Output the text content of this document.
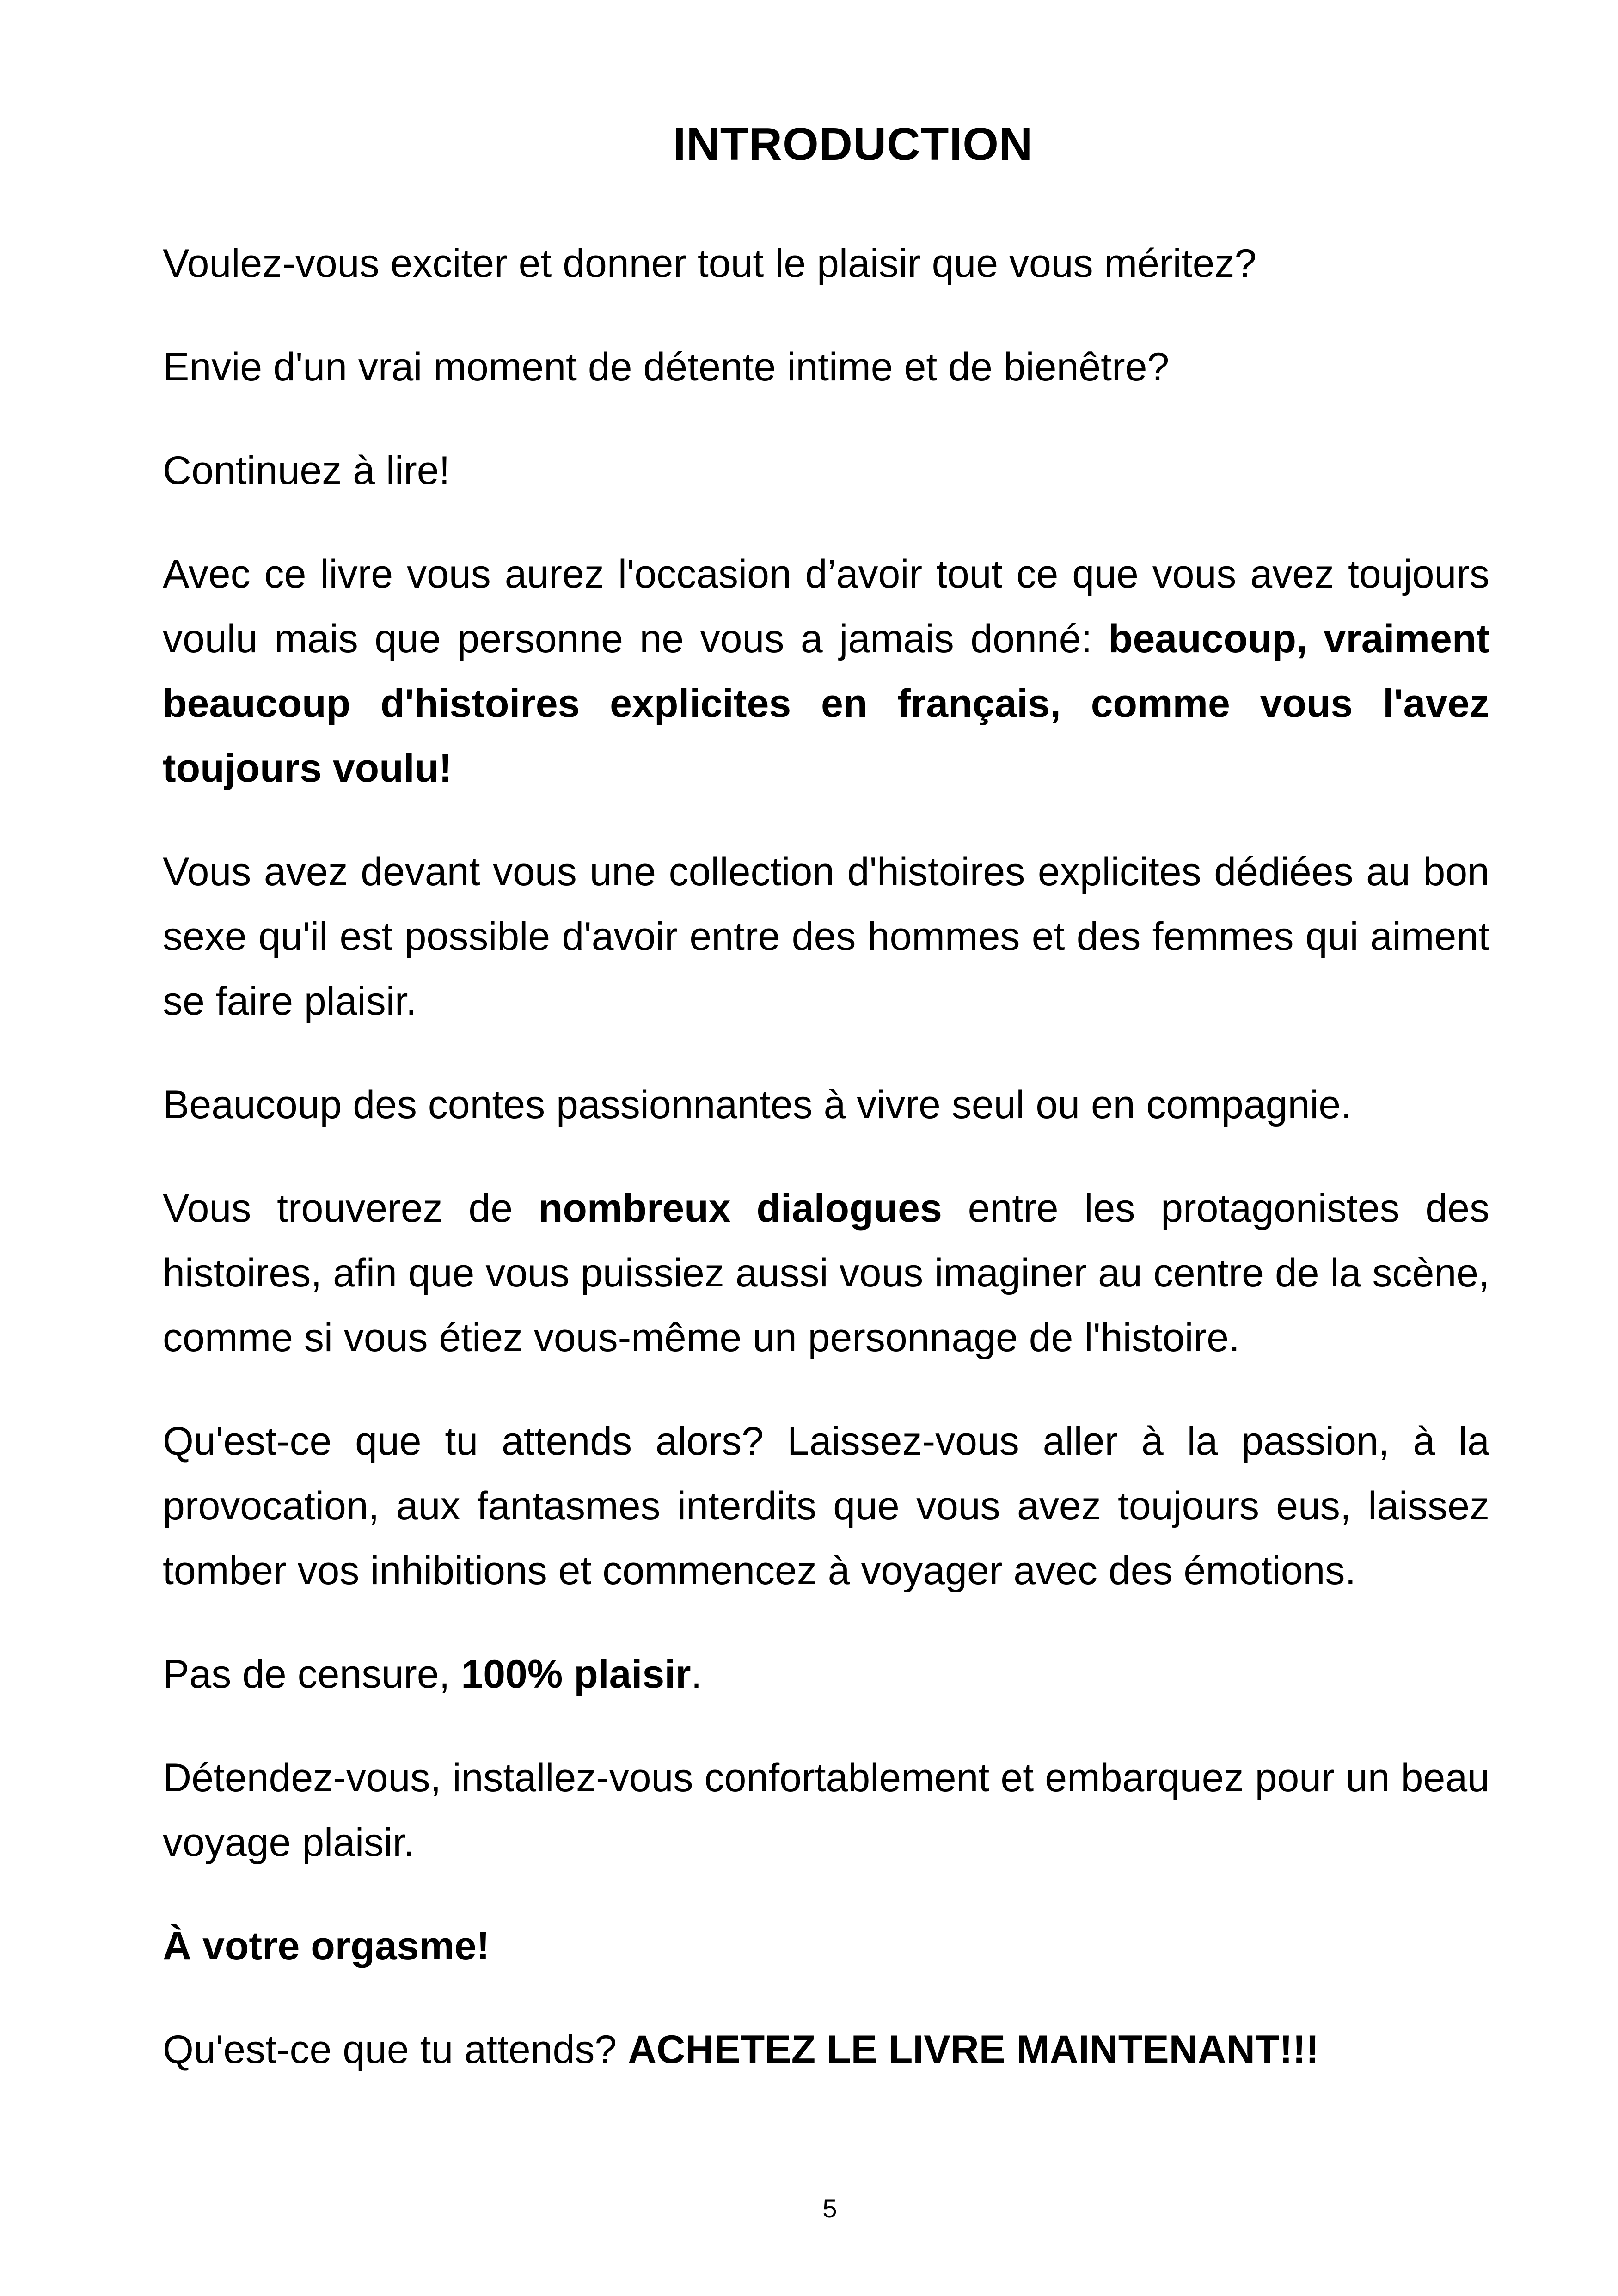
INTRODUCTION

Voulez-vous exciter et donner tout le plaisir que vous méritez?

Envie d'un vrai moment de détente intime et de bienêtre?

Continuez à lire!

Avec ce livre vous aurez l'occasion d’avoir tout ce que vous avez toujours voulu mais que personne ne vous a jamais donné: beaucoup, vraiment beaucoup d'histoires explicites en français, comme vous l'avez toujours voulu!

Vous avez devant vous une collection d'histoires explicites dédiées au bon sexe qu'il est possible d'avoir entre des hommes et des femmes qui aiment se faire plaisir.

Beaucoup des contes passionnantes à vivre seul ou en compagnie.

Vous trouverez de nombreux dialogues entre les protagonistes des histoires, afin que vous puissiez aussi vous imaginer au centre de la scène, comme si vous étiez vous-même un personnage de l'histoire.

Qu'est-ce que tu attends alors? Laissez-vous aller à la passion, à la provocation, aux fantasmes interdits que vous avez toujours eus, laissez tomber vos inhibitions et commencez à voyager avec des émotions.

Pas de censure, 100% plaisir.

Détendez-vous, installez-vous confortablement et embarquez pour un beau voyage plaisir.

À votre orgasme!

Qu'est-ce que tu attends? ACHETEZ LE LIVRE MAINTENANT!!!

5
